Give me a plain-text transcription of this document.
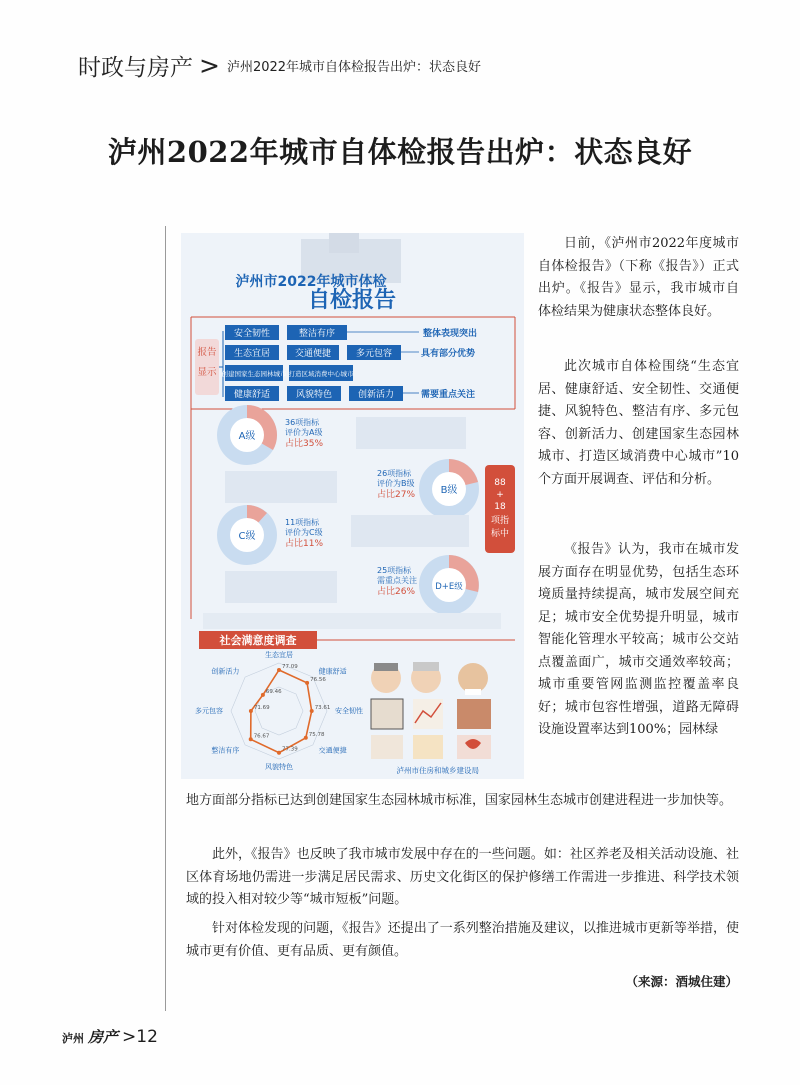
时政与房产 > 泸州2022年城市自体检报告出炉：状态良好
泸州2022年城市自体检报告出炉：状态良好
泸州市2022年城市体检
自检报告
报告
显示
安全韧性	整洁有序	整体表现突出
生态宜居	交通便捷	多元包容	具有部分优势
创建国家生态园林城市 打造区域消费中心城市
健康舒适	风貌特色	创新活力	需要重点关注
88
+
18
项指
标中
A级
36项指标
评价为A级
占比35%
B级
26项指标
评价为B级
占比27%
C级
11项指标
评价为C级
占比11%
D+E级
25项指标
需重点关注
占比26%
社会满意度调查
77.09
生态宜居
76.56
健康舒适
73.61 安全韧性
75.78
交通便捷
77.39
风貌特色
76.67
整洁有序
71.69
多元包容
69.46
创新活力
泸州市住房和城乡建设局

日前，《泸州市2022年度城市自体检报告》（下称《报告》）正式出炉。《报告》显示，我市城市自体检结果为健康状态整体良好。

此次城市自体检围绕“生态宜居、健康舒适、安全韧性、交通便捷、风貌特色、整洁有序、多元包容、创新活力、创建国家生态园林城市、打造区域消费中心城市”10个方面开展调查、评估和分析。

《报告》认为，我市在城市发展方面存在明显优势，包括生态环境质量持续提高，城市发展空间充足；城市安全优势提升明显，城市智能化管理水平较高；城市公交站点覆盖面广，城市交通效率较高；城市重要管网监测监控覆盖率良好；城市包容性增强，道路无障碍设施设置率达到100%；园林绿

地方面部分指标已达到创建国家生态园林城市标准，国家园林生态城市创建进程进一步加快等。

此外，《报告》也反映了我市城市发展中存在的一些问题。如：社区养老及相关活动设施、社区体育场地仍需进一步满足居民需求、历史文化街区的保护修缮工作需进一步推进、科学技术领域的投入相对较少等“城市短板”问题。

针对体检发现的问题，《报告》还提出了一系列整治措施及建议，以推进城市更新等举措，使城市更有价值、更有品质、更有颜值。

（来源：酒城住建）
泸州 房产 >12
